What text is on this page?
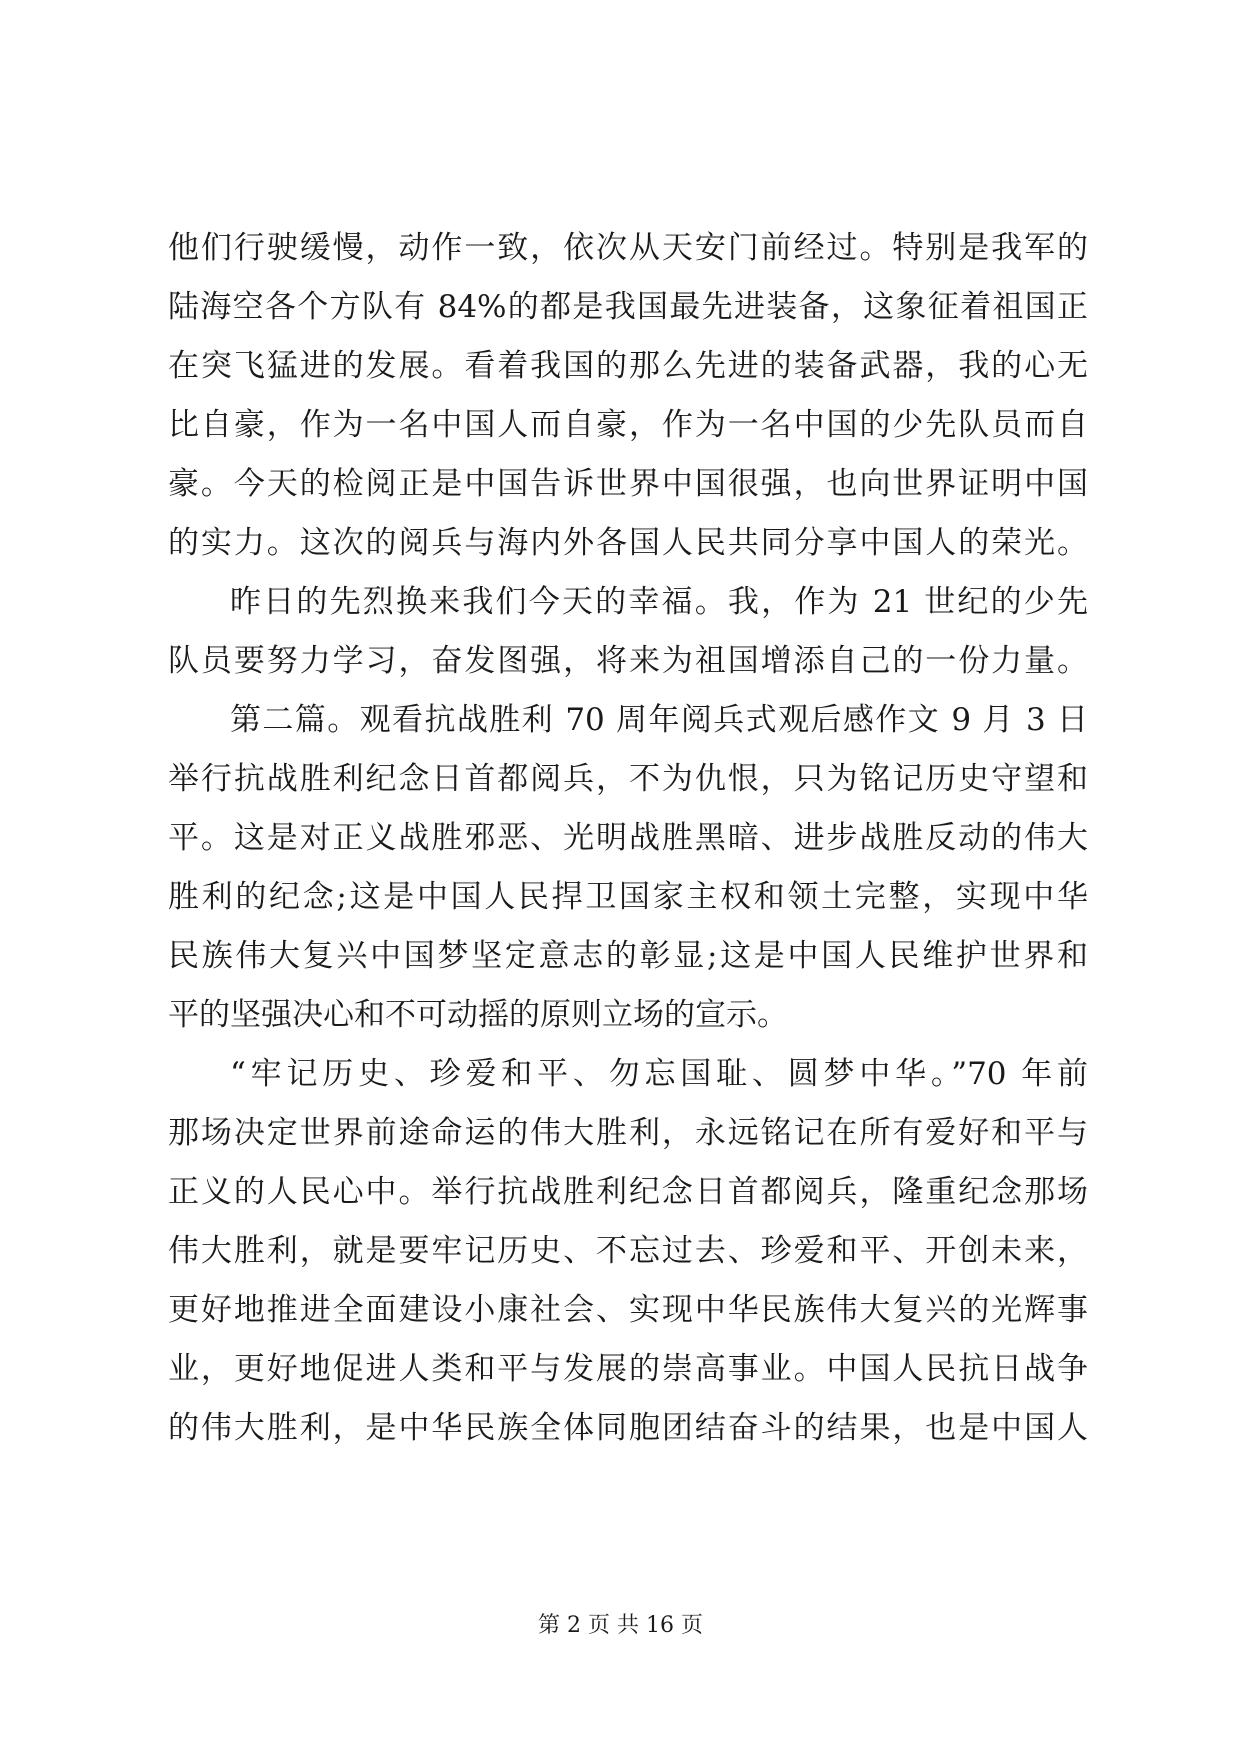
他们行驶缓慢，动作一致，依次从天安门前经过。特别是我军的
陆海空各个方队有 84%的都是我国最先进装备，这象征着祖国正
在突飞猛进的发展。看着我国的那么先进的装备武器，我的心无
比自豪，作为一名中国人而自豪，作为一名中国的少先队员而自
豪。今天的检阅正是中国告诉世界中国很强，也向世界证明中国
的实力。这次的阅兵与海内外各国人民共同分享中国人的荣光。
昨日的先烈换来我们今天的幸福。我，作为 21 世纪的少先
队员要努力学习，奋发图强，将来为祖国增添自己的一份力量。
第二篇。观看抗战胜利 70 周年阅兵式观后感作文 9 月 3 日
举行抗战胜利纪念日首都阅兵，不为仇恨，只为铭记历史守望和
平。这是对正义战胜邪恶、光明战胜黑暗、进步战胜反动的伟大
胜利的纪念;这是中国人民捍卫国家主权和领土完整，实现中华
民族伟大复兴中国梦坚定意志的彰显;这是中国人民维护世界和
平的坚强决心和不可动摇的原则立场的宣示。
“牢记历史、珍爱和平、勿忘国耻、圆梦中华。”70 年前
那场决定世界前途命运的伟大胜利，永远铭记在所有爱好和平与
正义的人民心中。举行抗战胜利纪念日首都阅兵，隆重纪念那场
伟大胜利，就是要牢记历史、不忘过去、珍爱和平、开创未来，
更好地推进全面建设小康社会、实现中华民族伟大复兴的光辉事
业，更好地促进人类和平与发展的崇高事业。中国人民抗日战争
的伟大胜利，是中华民族全体同胞团结奋斗的结果，也是中国人
第 2 页 共 16 页
